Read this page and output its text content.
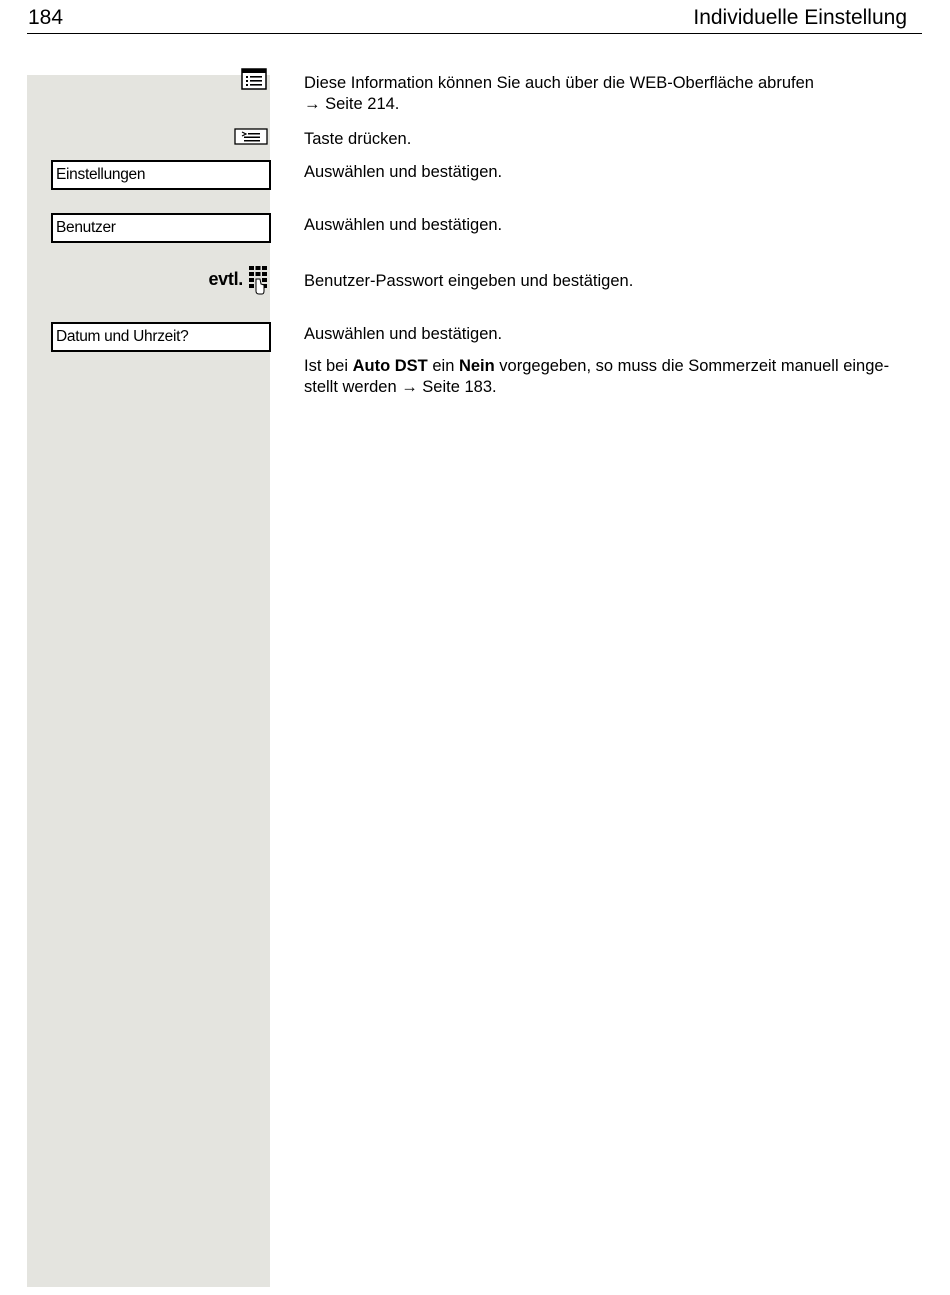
184	Individuelle Einstellung
Einstellungen
Benutzer
evtl.
Datum und Uhrzeit?
Diese Information können Sie auch über die WEB-Oberfläche abrufen
→ Seite 214.
Taste drücken.
Auswählen und bestätigen.
Auswählen und bestätigen.
Benutzer-Passwort eingeben und bestätigen.
Auswählen und bestätigen.
Ist bei Auto DST ein Nein vorgegeben, so muss die Sommerzeit manuell einge-
stellt werden → Seite 183.
